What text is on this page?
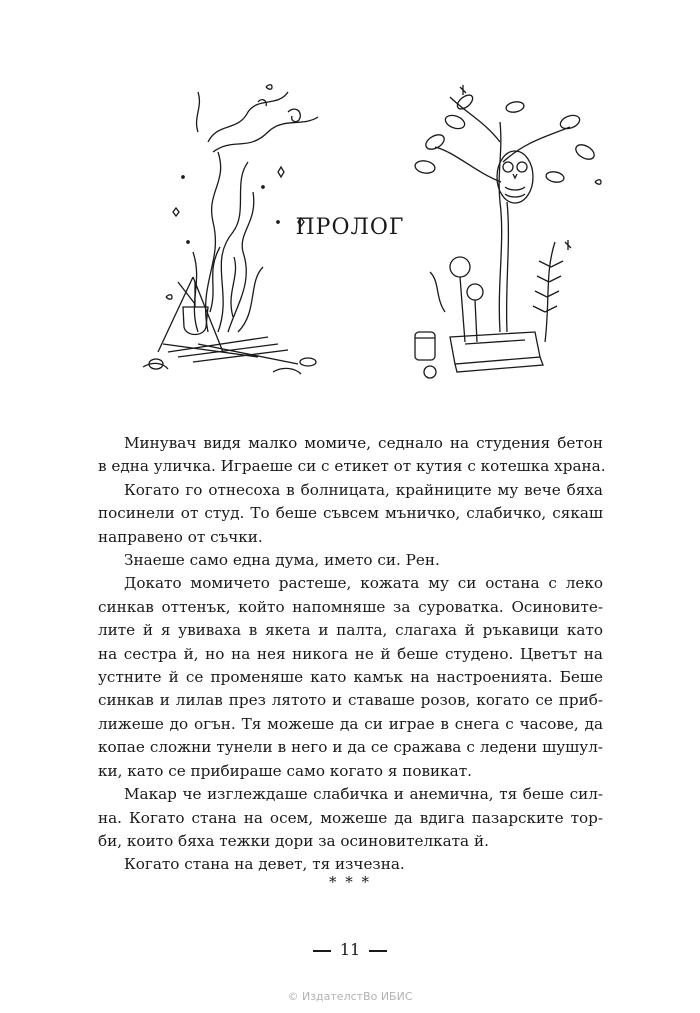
ПРОЛОГ
Минувач видя малко момиче, седнало на студения бетон
в една уличка. Играеше си с етикет от кутия с котешка храна.
Когато го отнесоха в болницата, крайниците му вече бяха
посинели от студ. То беше съвсем мъничко, слабичко, сякаш
направено от съчки.
Знаеше само една дума, името си. Рен.
Докато момичето растеше, кожата му си остана с леко
синкав оттенък, който напомняше за суроватка. Осиновите-
лите й я увиваха в якета и палта, слагаха й ръкавици като
на сестра й, но на нея никога не й беше студено. Цветът на
устните й се променяше като камък на настроенията. Беше
синкав и лилав през лятото и ставаше розов, когато се приб-
лижеше до огън. Тя можеше да си играе в снега с часове, да
копае сложни тунели в него и да се сражава с ледени шушул-
ки, като се прибираше само когато я повикат.
Макар че изглеждаше слабичка и анемична, тя беше сил-
на. Когато стана на осем, можеше да вдига пазарските тор-
би, които бяха тежки дори за осиновителката й.
Когато стана на девет, тя изчезна.
* * *
11
© ИздателстВо ИБИС
